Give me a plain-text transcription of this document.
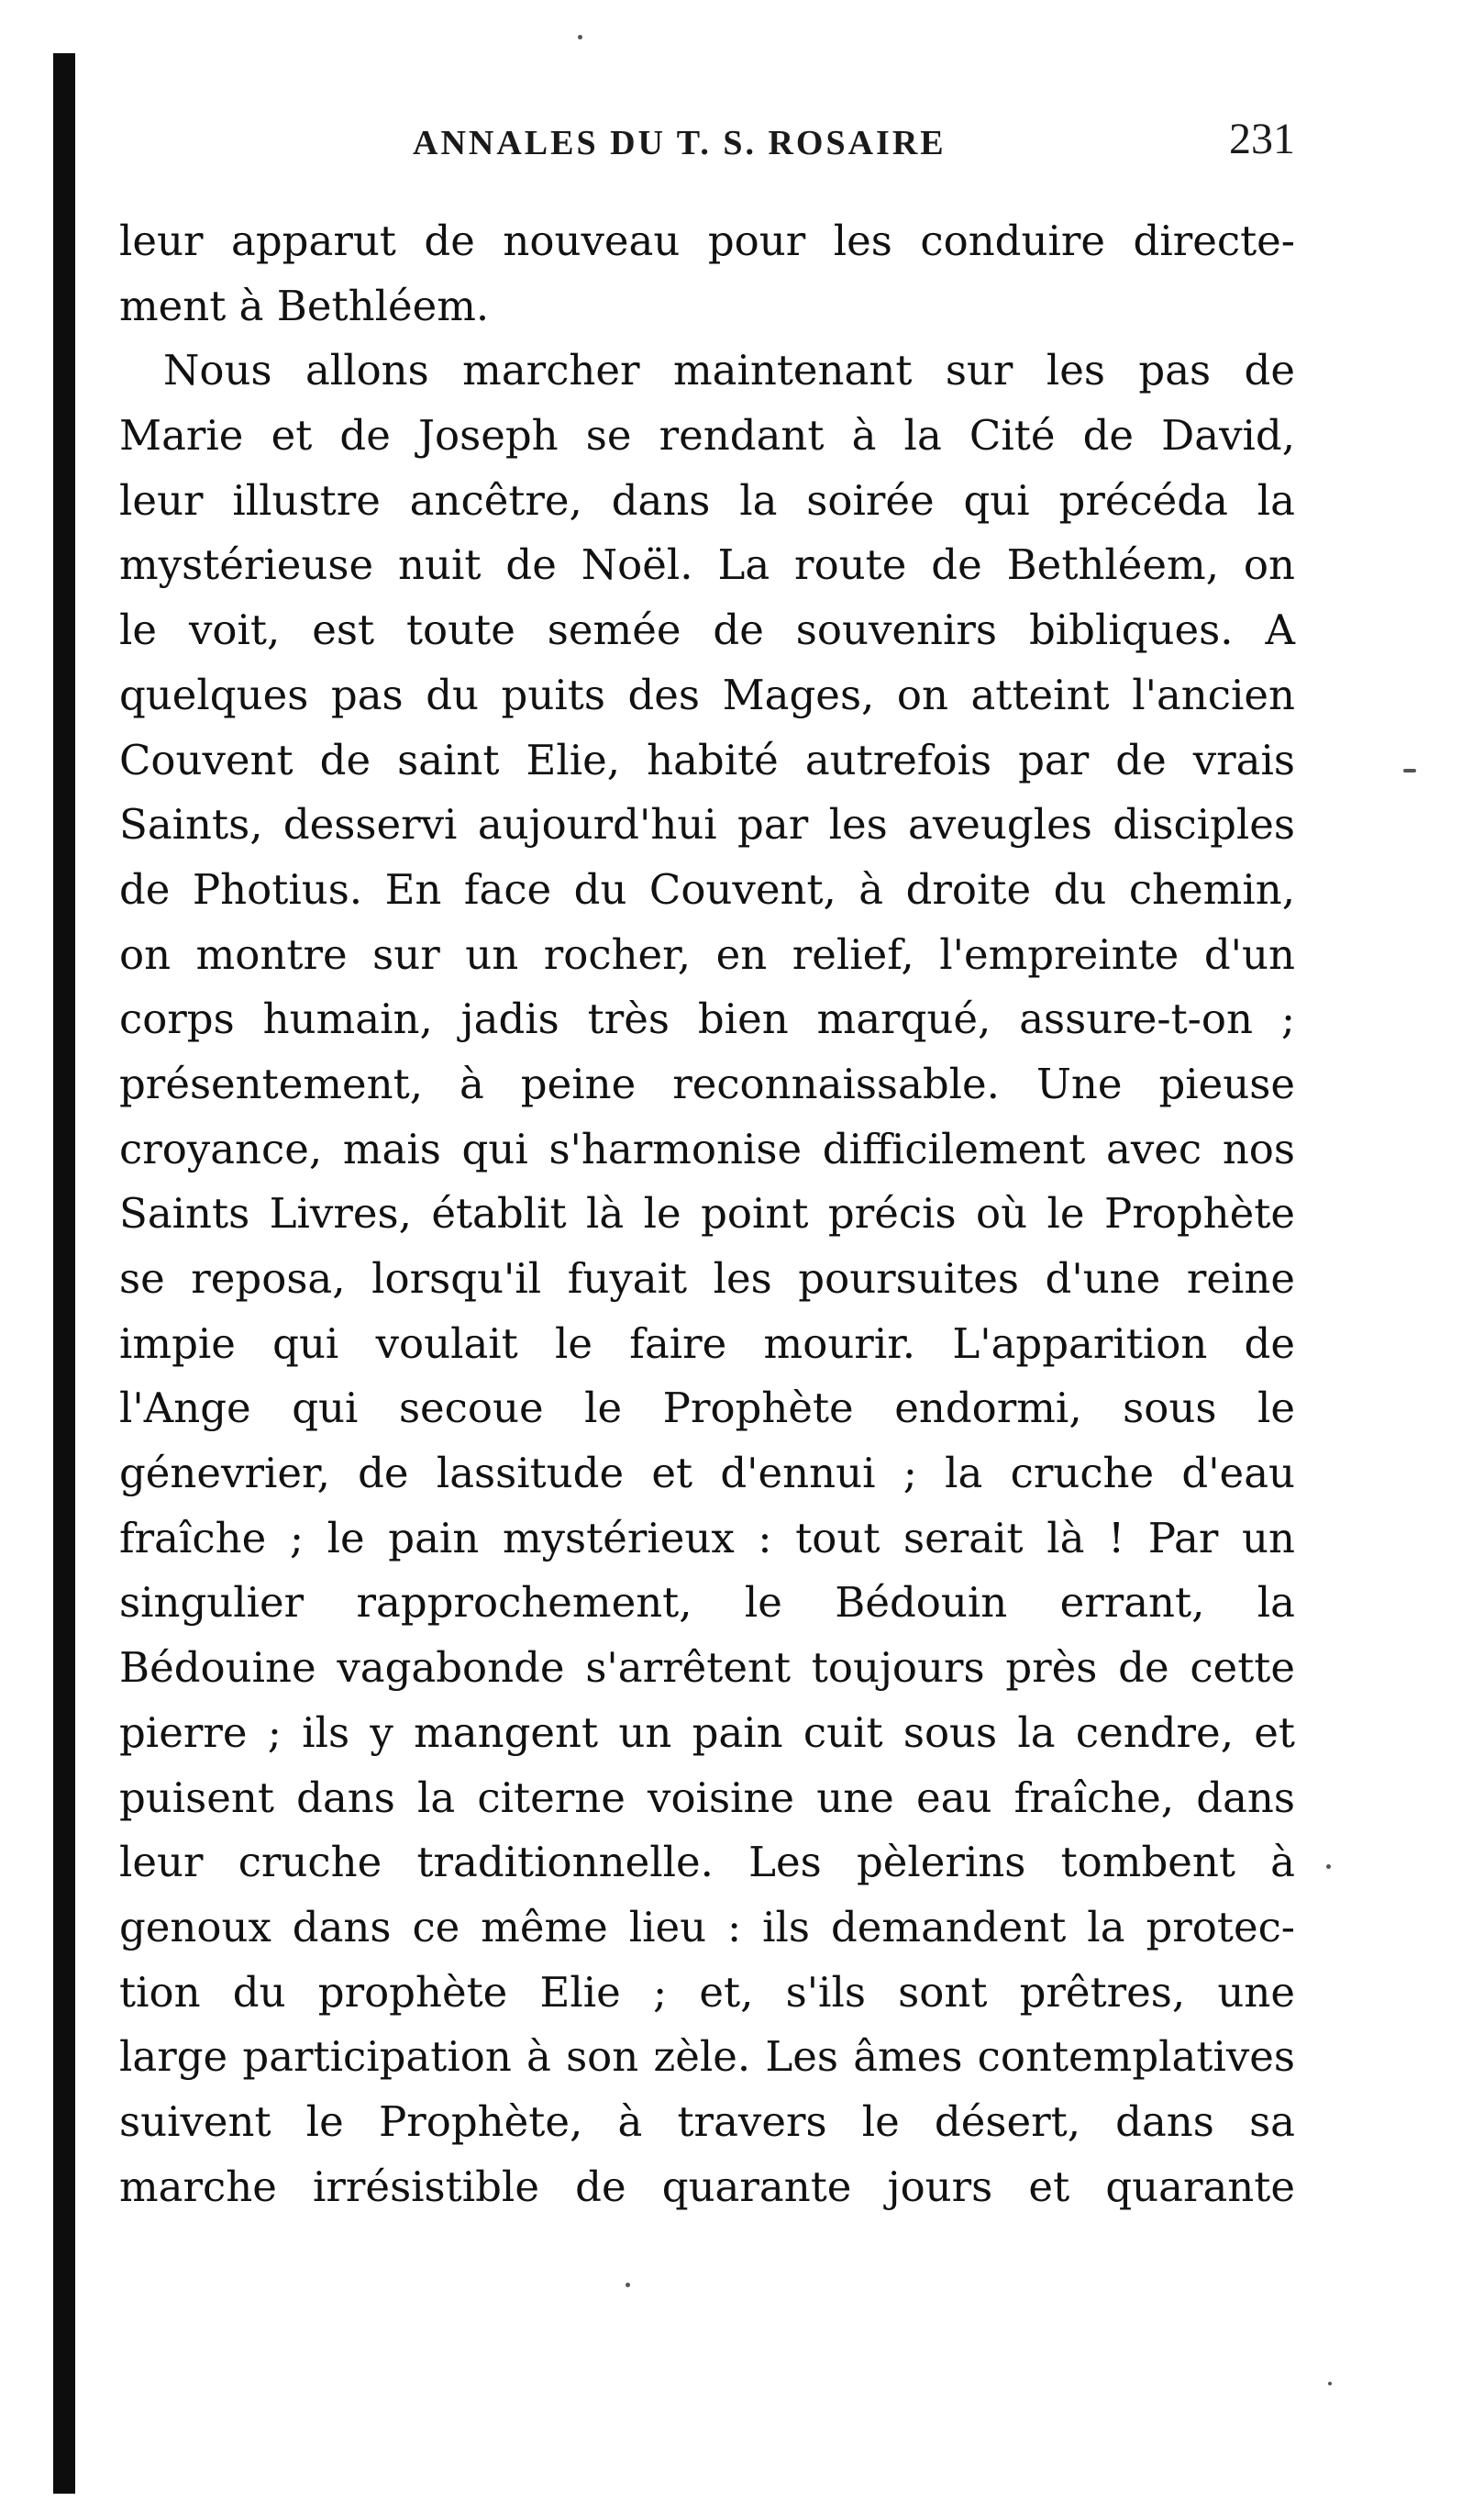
ANNALES DU T. S. ROSAIRE	231
leur apparut de nouveau pour les conduire directe-
ment à Bethléem.
Nous allons marcher maintenant sur les pas de
Marie et de Joseph se rendant à la Cité de David,
leur illustre ancêtre, dans la soirée qui précéda la
mystérieuse nuit de Noël. La route de Bethléem, on
le voit, est toute semée de souvenirs bibliques. A
quelques pas du puits des Mages, on atteint l'ancien
Couvent de saint Elie, habité autrefois par de vrais
Saints, desservi aujourd'hui par les aveugles disciples
de Photius. En face du Couvent, à droite du chemin,
on montre sur un rocher, en relief, l'empreinte d'un
corps humain, jadis très bien marqué, assure-t-on ;
présentement, à peine reconnaissable. Une pieuse
croyance, mais qui s'harmonise difficilement avec nos
Saints Livres, établit là le point précis où le Prophète
se reposa, lorsqu'il fuyait les poursuites d'une reine
impie qui voulait le faire mourir. L'apparition de
l'Ange qui secoue le Prophète endormi, sous le
génevrier, de lassitude et d'ennui ; la cruche d'eau
fraîche ; le pain mystérieux : tout serait là ! Par un
singulier rapprochement, le Bédouin errant, la
Bédouine vagabonde s'arrêtent toujours près de cette
pierre ; ils y mangent un pain cuit sous la cendre, et
puisent dans la citerne voisine une eau fraîche, dans
leur cruche traditionnelle. Les pèlerins tombent à
genoux dans ce même lieu : ils demandent la protec-
tion du prophète Elie ; et, s'ils sont prêtres, une
large participation à son zèle. Les âmes contemplatives
suivent le Prophète, à travers le désert, dans sa
marche irrésistible de quarante jours et quarante
